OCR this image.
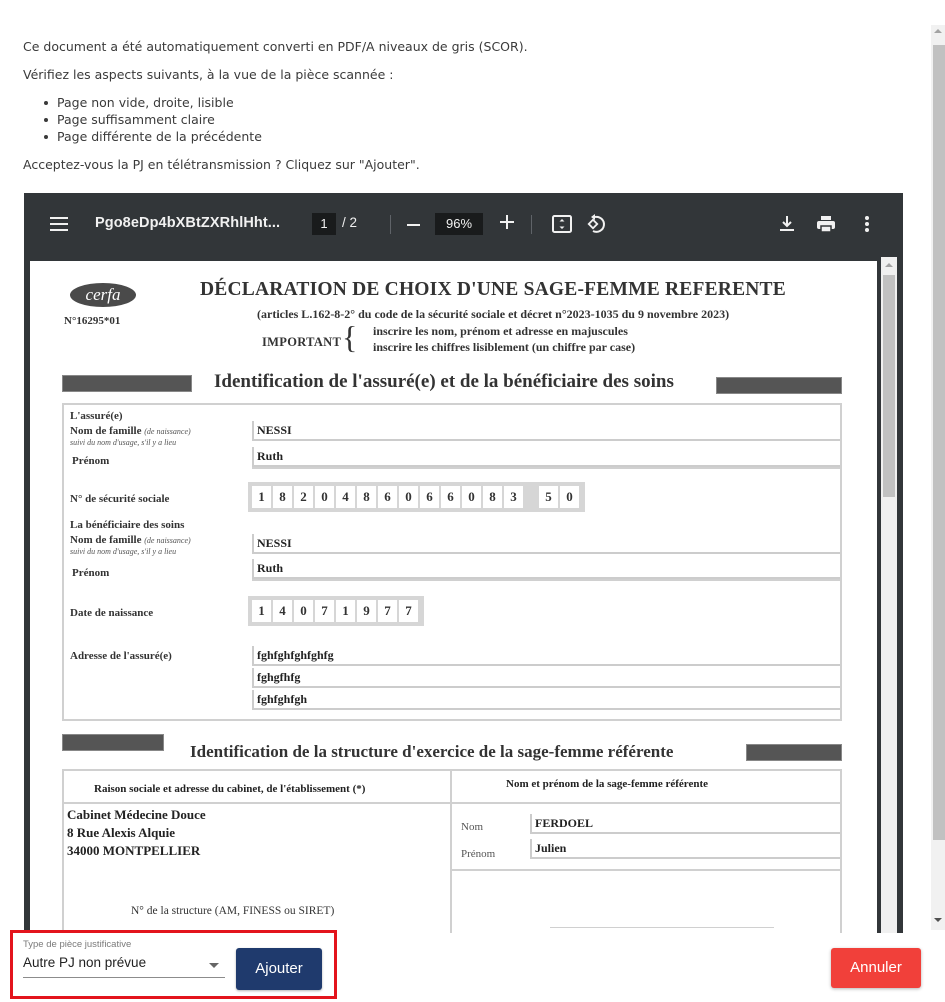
Ce document a été automatiquement converti en PDF/A niveaux de gris (SCOR).

Vérifiez les aspects suivants, à la vue de la pièce scannée :

Page non vide, droite, lisible
Page suffisamment claire
Page différente de la précédente

Acceptez-vous la PJ en télétransmission ? Cliquez sur "Ajouter".

Pgo8eDp4bXBtZXRhlHht...	1	/ 2	96%
cerfa
N°16295*01
DÉCLARATION DE CHOIX D'UNE SAGE-FEMME REFERENTE
(articles L.162-8-2° du code de la sécurité sociale et décret n°2023-1035 du 9 novembre 2023)
IMPORTANT { inscrire les nom, prénom et adresse en majuscules
inscrire les chiffres lisiblement (un chiffre par case)
Identification de l'assuré(e) et de la bénéficiaire des soins
L'assuré(e)
Nom de famille (de naissance)
suivi du nom d'usage, s'il y a lieu
NESSI
Prénom	Ruth
N° de sécurité sociale	1	8	2	0	4	8	6	0	6	6	0	8	3	5	0
La bénéficiaire des soins
Nom de famille (de naissance)
suivi du nom d'usage, s'il y a lieu
NESSI
Prénom	Ruth
Date de naissance	1	4	0	7	1	9	7	7
Adresse de l'assuré(e)	fghfghfghfghfg
fghgfhfg
fghfghfgh
Identification de la structure d'exercice de la sage-femme référente
Raison sociale et adresse du cabinet, de l'établissement (*)	Nom et prénom de la sage-femme référente
Cabinet Médecine Douce
8 Rue Alexis Alquie
34000 MONTPELLIER
N° de la structure (AM, FINESS ou SIRET)
Nom	FERDOEL
Prénom	Julien
Type de pièce justificative
Autre PJ non prévue	Ajouter	Annuler
